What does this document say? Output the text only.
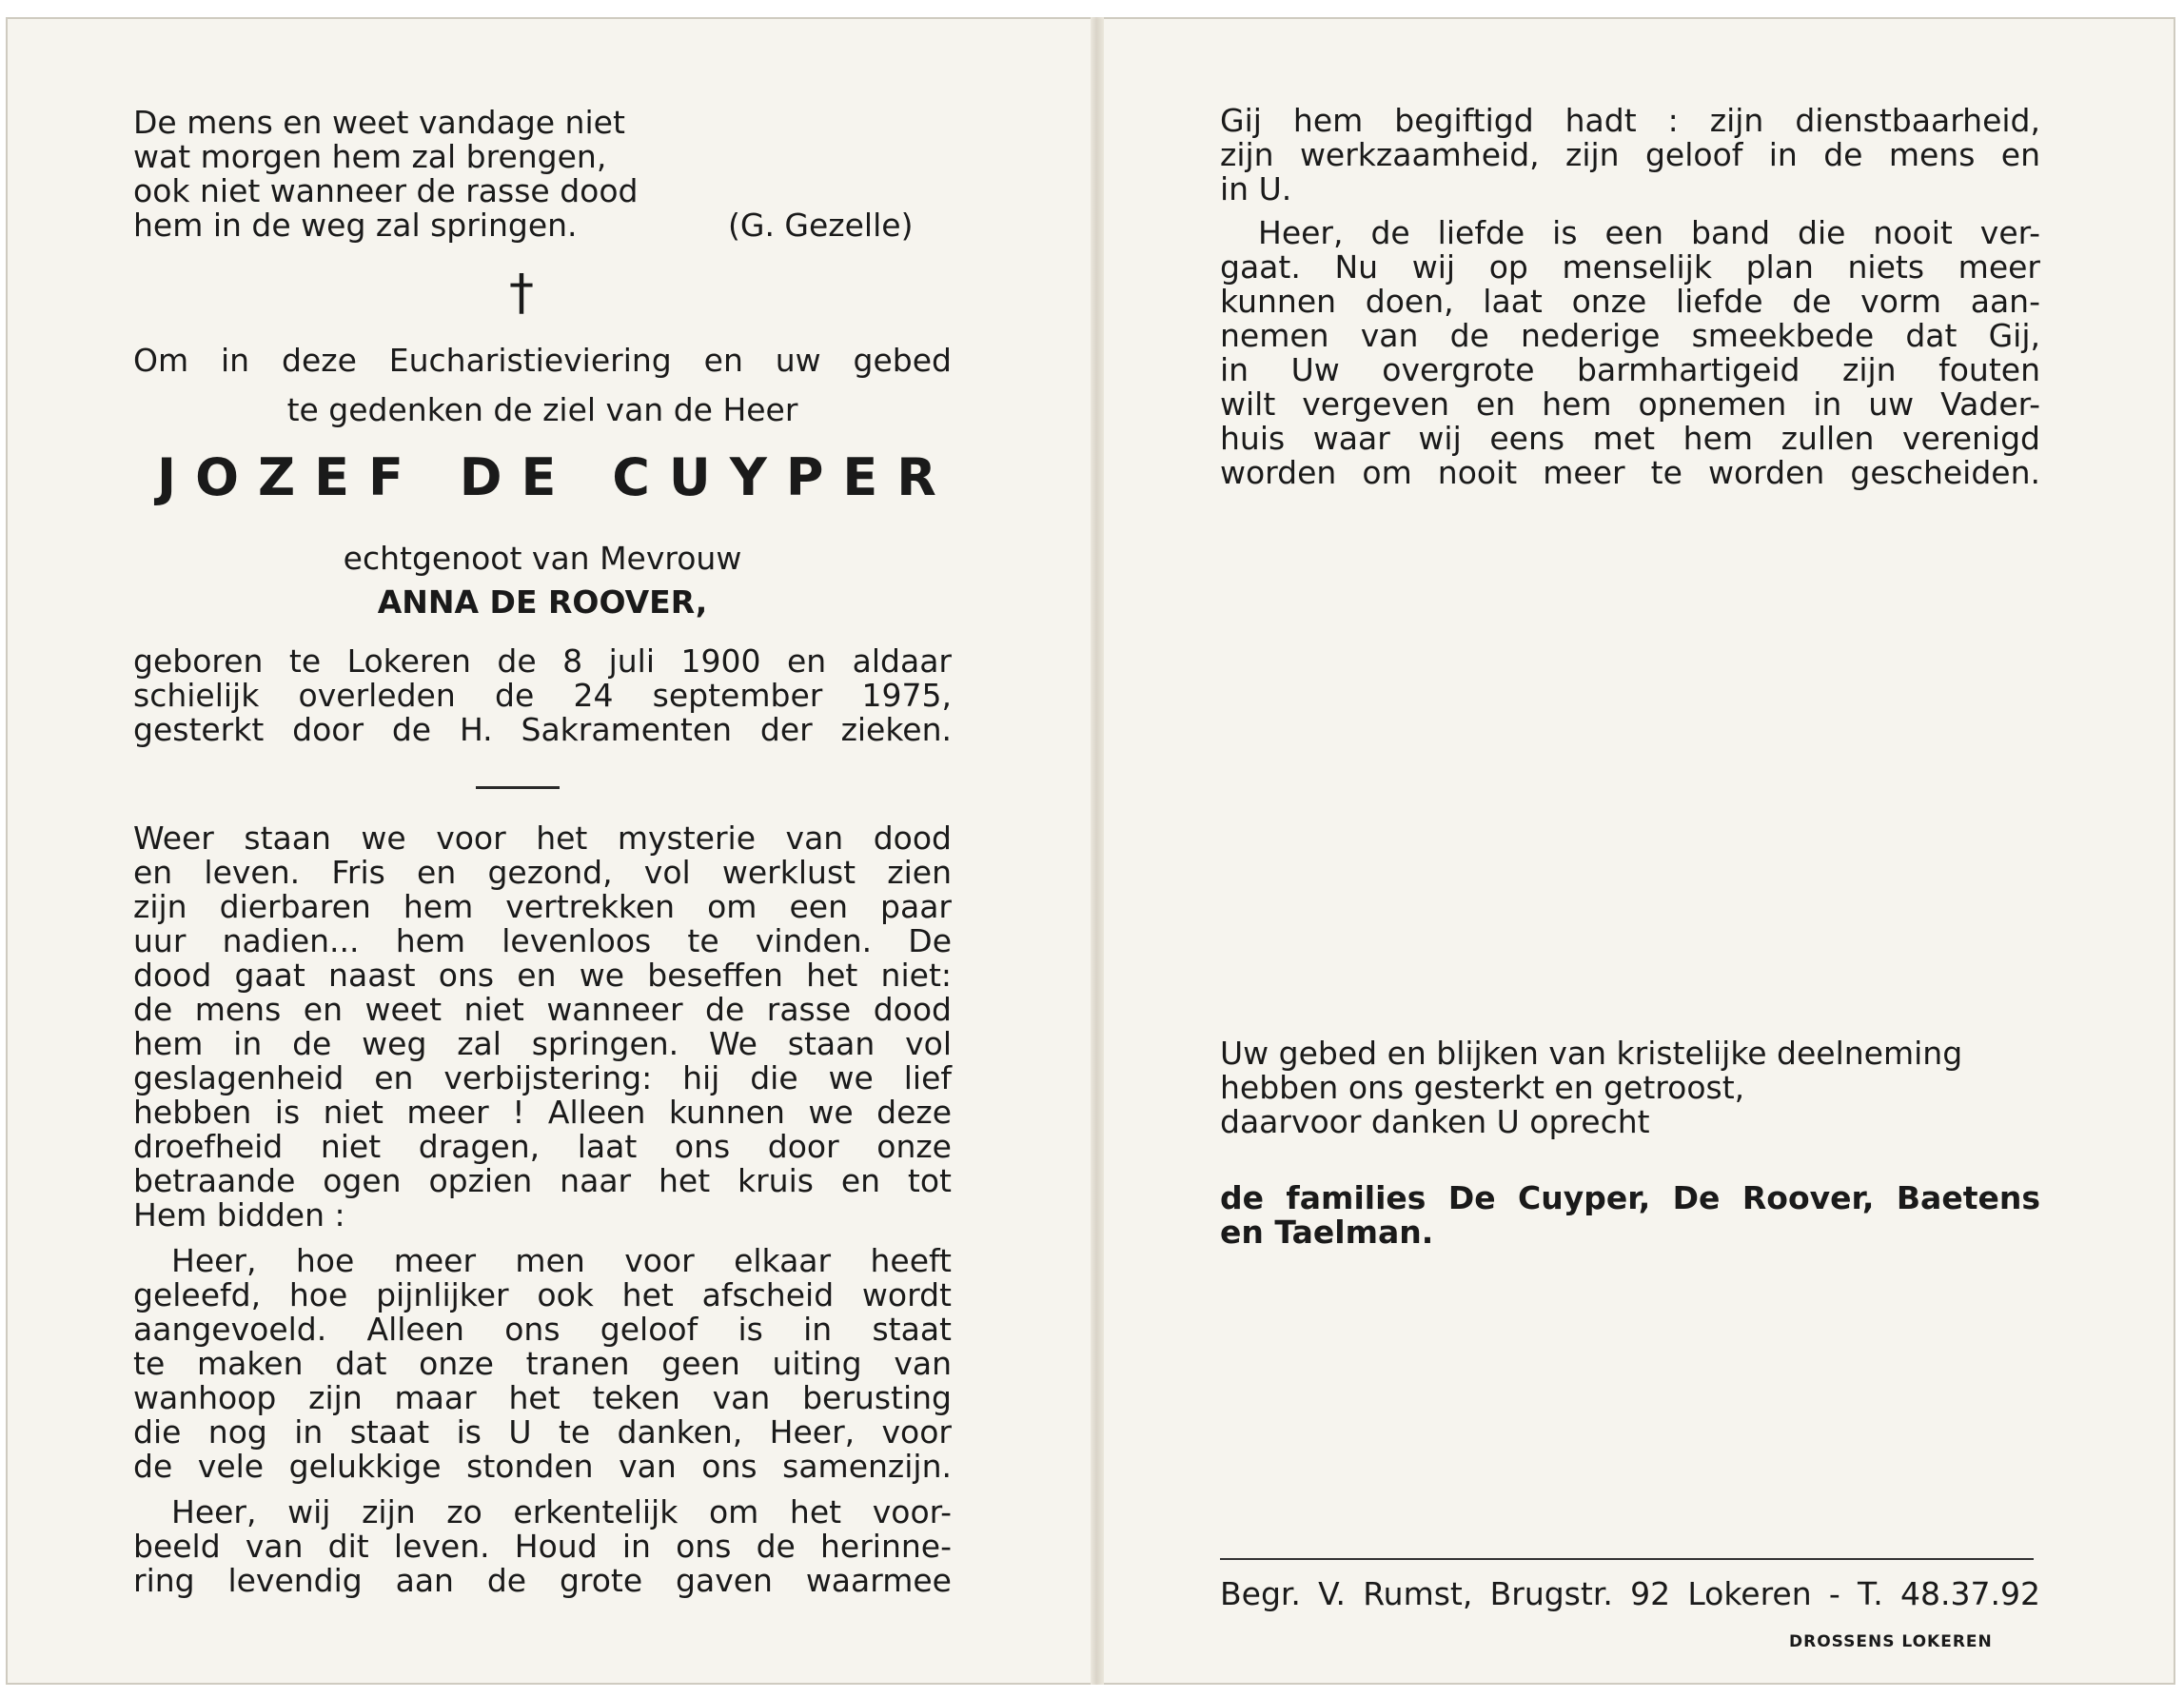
De mens en weet vandage niet
wat morgen hem zal brengen,
ook niet wanneer de rasse dood
hem in de weg zal springen.	(G. Gezelle)
†
Om in deze Eucharistieviering en uw gebed
te gedenken de ziel van de Heer
JOZEF DE CUYPER
echtgenoot van Mevrouw
ANNA DE ROOVER,
geboren te Lokeren de 8 juli 1900 en aldaar
schielijk overleden de 24 september 1975,
gesterkt door de H. Sakramenten der zieken.
Weer staan we voor het mysterie van dood
en leven. Fris en gezond, vol werklust zien
zijn dierbaren hem vertrekken om een paar
uur nadien... hem levenloos te vinden. De
dood gaat naast ons en we beseffen het niet:
de mens en weet niet wanneer de rasse dood
hem in de weg zal springen. We staan vol
geslagenheid en verbijstering: hij die we lief
hebben is niet meer ! Alleen kunnen we deze
droefheid niet dragen, laat ons door onze
betraande ogen opzien naar het kruis en tot
Hem bidden :
Heer, hoe meer men voor elkaar heeft
geleefd, hoe pijnlijker ook het afscheid wordt
aangevoeld. Alleen ons geloof is in staat
te maken dat onze tranen geen uiting van
wanhoop zijn maar het teken van berusting
die nog in staat is U te danken, Heer, voor
de vele gelukkige stonden van ons samenzijn.
Heer, wij zijn zo erkentelijk om het voor-
beeld van dit leven. Houd in ons de herinne-
ring levendig aan de grote gaven waarmee
Gij hem begiftigd hadt : zijn dienstbaarheid,
zijn werkzaamheid, zijn geloof in de mens en
in U.
Heer, de liefde is een band die nooit ver-
gaat. Nu wij op menselijk plan niets meer
kunnen doen, laat onze liefde de vorm aan-
nemen van de nederige smeekbede dat Gij,
in Uw overgrote barmhartigeid zijn fouten
wilt vergeven en hem opnemen in uw Vader-
huis waar wij eens met hem zullen verenigd
worden om nooit meer te worden gescheiden.
Uw gebed en blijken van kristelijke deelneming
hebben ons gesterkt en getroost,
daarvoor danken U oprecht
de families De Cuyper, De Roover, Baetens
en Taelman.
Begr. V. Rumst, Brugstr. 92 Lokeren - T. 48.37.92
DROSSENS LOKEREN
